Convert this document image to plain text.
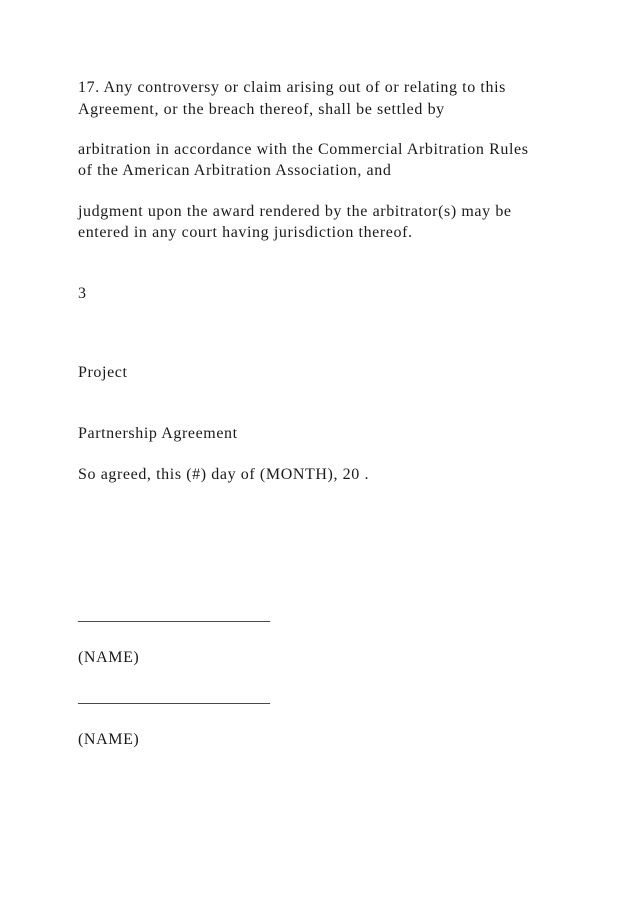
17. Any controversy or claim arising out of or relating to this
Agreement, or the breach thereof, shall be settled by
arbitration in accordance with the Commercial Arbitration Rules
of the American Arbitration Association, and
judgment upon the award rendered by the arbitrator(s) may be
entered in any court having jurisdiction thereof.
3
Project
Partnership Agreement
So agreed, this (#) day of (MONTH), 20 .
________________________
(NAME)
________________________
(NAME)
